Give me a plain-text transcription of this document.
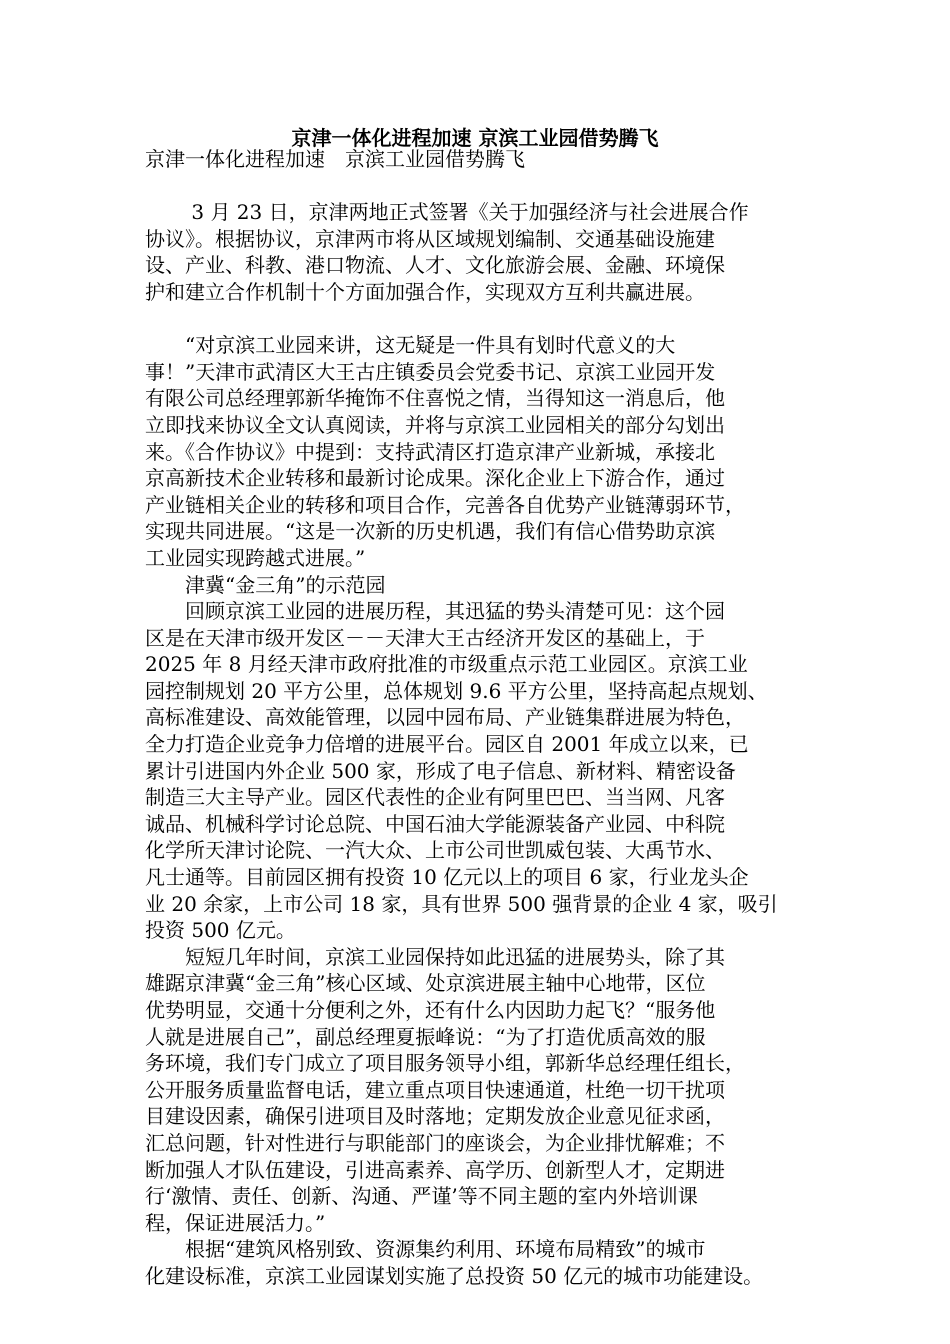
京津一体化进程加速 京滨工业园借势腾飞
京津一体化进程加速　京滨工业园借势腾飞
　　 3 月 23 日，京津两地正式签署《关于加强经济与社会进展合作
协议》。根据协议，京津两市将从区域规划编制、交通基础设施建
设、产业、科教、港口物流、人才、文化旅游会展、金融、环境保
护和建立合作机制十个方面加强合作，实现双方互利共赢进展。
　　“对京滨工业园来讲，这无疑是一件具有划时代意义的大
事！”天津市武清区大王古庄镇委员会党委书记、京滨工业园开发
有限公司总经理郭新华掩饰不住喜悦之情，当得知这一消息后，他
立即找来协议全文认真阅读，并将与京滨工业园相关的部分勾划出
来。《合作协议》中提到：支持武清区打造京津产业新城，承接北
京高新技术企业转移和最新讨论成果。深化企业上下游合作，通过
产业链相关企业的转移和项目合作，完善各自优势产业链薄弱环节，
实现共同进展。“这是一次新的历史机遇，我们有信心借势助京滨
工业园实现跨越式进展。”
　　津冀“金三角”的示范园
　　回顾京滨工业园的进展历程，其迅猛的势头清楚可见：这个园
区是在天津市级开发区－－天津大王古经济开发区的基础上，于
2025 年 8 月经天津市政府批准的市级重点示范工业园区。京滨工业
园控制规划 20 平方公里，总体规划 9.6 平方公里，坚持高起点规划、
高标准建设、高效能管理，以园中园布局、产业链集群进展为特色，
全力打造企业竞争力倍增的进展平台。园区自 2001 年成立以来，已
累计引进国内外企业 500 家，形成了电子信息、新材料、精密设备
制造三大主导产业。园区代表性的企业有阿里巴巴、当当网、凡客
诚品、机械科学讨论总院、中国石油大学能源装备产业园、中科院
化学所天津讨论院、一汽大众、上市公司世凯威包装、大禹节水、
凡士通等。目前园区拥有投资 10 亿元以上的项目 6 家，行业龙头企
业 20 余家，上市公司 18 家，具有世界 500 强背景的企业 4 家，吸引
投资 500 亿元。
　　短短几年时间，京滨工业园保持如此迅猛的进展势头，除了其
雄踞京津冀“金三角”核心区域、处京滨进展主轴中心地带，区位
优势明显，交通十分便利之外，还有什么内因助力起飞？“服务他
人就是进展自己”，副总经理夏振峰说：“为了打造优质高效的服
务环境，我们专门成立了项目服务领导小组，郭新华总经理任组长，
公开服务质量监督电话，建立重点项目快速通道，杜绝一切干扰项
目建设因素，确保引进项目及时落地；定期发放企业意见征求函，
汇总问题，针对性进行与职能部门的座谈会，为企业排忧解难；不
断加强人才队伍建设，引进高素养、高学历、创新型人才，定期进
行‘激情、责任、创新、沟通、严谨’等不同主题的室内外培训课
程，保证进展活力。”
　　根据“建筑风格别致、资源集约利用、环境布局精致”的城市
化建设标准，京滨工业园谋划实施了总投资 50 亿元的城市功能建设。
